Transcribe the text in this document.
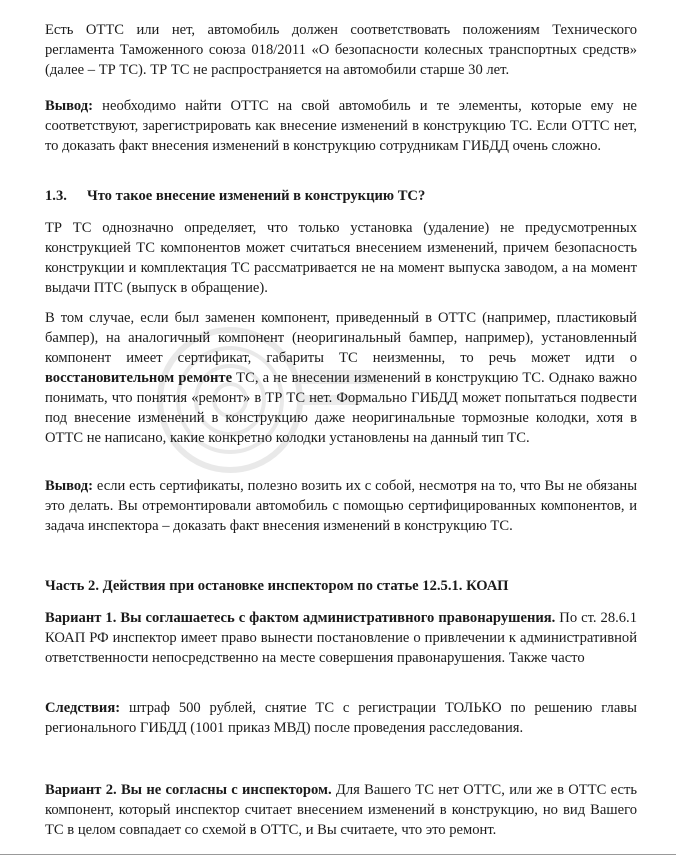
Есть ОТТС или нет, автомобиль должен соответствовать положениям Технического регламента Таможенного союза 018/2011 «О безопасности колесных транспортных средств» (далее – ТР ТС). ТР ТС не распространяется на автомобили старше 30 лет.

Вывод: необходимо найти ОТТС на свой автомобиль и те элементы, которые ему не соответствуют, зарегистрировать как внесение изменений в конструкцию ТС. Если ОТТС нет, то доказать факт внесения изменений в конструкцию сотрудникам ГИБДД очень сложно.

1.3. Что такое внесение изменений в конструкцию ТС?

ТР ТС однозначно определяет, что только установка (удаление) не предусмотренных конструкцией ТС компонентов может считаться внесением изменений, причем безопасность конструкции и комплектация ТС рассматривается не на момент выпуска заводом, а на момент выдачи ПТС (выпуск в обращение).

В том случае, если был заменен компонент, приведенный в ОТТС (например, пластиковый бампер), на аналогичный компонент (неоригинальный бампер, например), установленный компонент имеет сертификат, габариты ТС неизменны, то речь может идти о восстановительном ремонте ТС, а не внесении изменений в конструкцию ТС. Однако важно понимать, что понятия «ремонт» в ТР ТС нет. Формально ГИБДД может попытаться подвести под внесение изменений в конструкцию даже неоригинальные тормозные колодки, хотя в ОТТС не написано, какие конкретно колодки установлены на данный тип ТС.

Вывод: если есть сертификаты, полезно возить их с собой, несмотря на то, что Вы не обязаны это делать. Вы отремонтировали автомобиль с помощью сертифицированных компонентов, и задача инспектора – доказать факт внесения изменений в конструкцию ТС.

Часть 2. Действия при остановке инспектором по статье 12.5.1. КОАП

Вариант 1. Вы соглашаетесь с фактом административного правонарушения. По ст. 28.6.1 КОАП РФ инспектор имеет право вынести постановление о привлечении к административной ответственности непосредственно на месте совершения правонарушения. Также часто

Следствия: штраф 500 рублей, снятие ТС с регистрации ТОЛЬКО по решению главы регионального ГИБДД (1001 приказ МВД) после проведения расследования.

Вариант 2. Вы не согласны с инспектором. Для Вашего ТС нет ОТТС, или же в ОТТС есть компонент, который инспектор считает внесением изменений в конструкцию, но вид Вашего ТС в целом совпадает со схемой в ОТТС, и Вы считаете, что это ремонт.
